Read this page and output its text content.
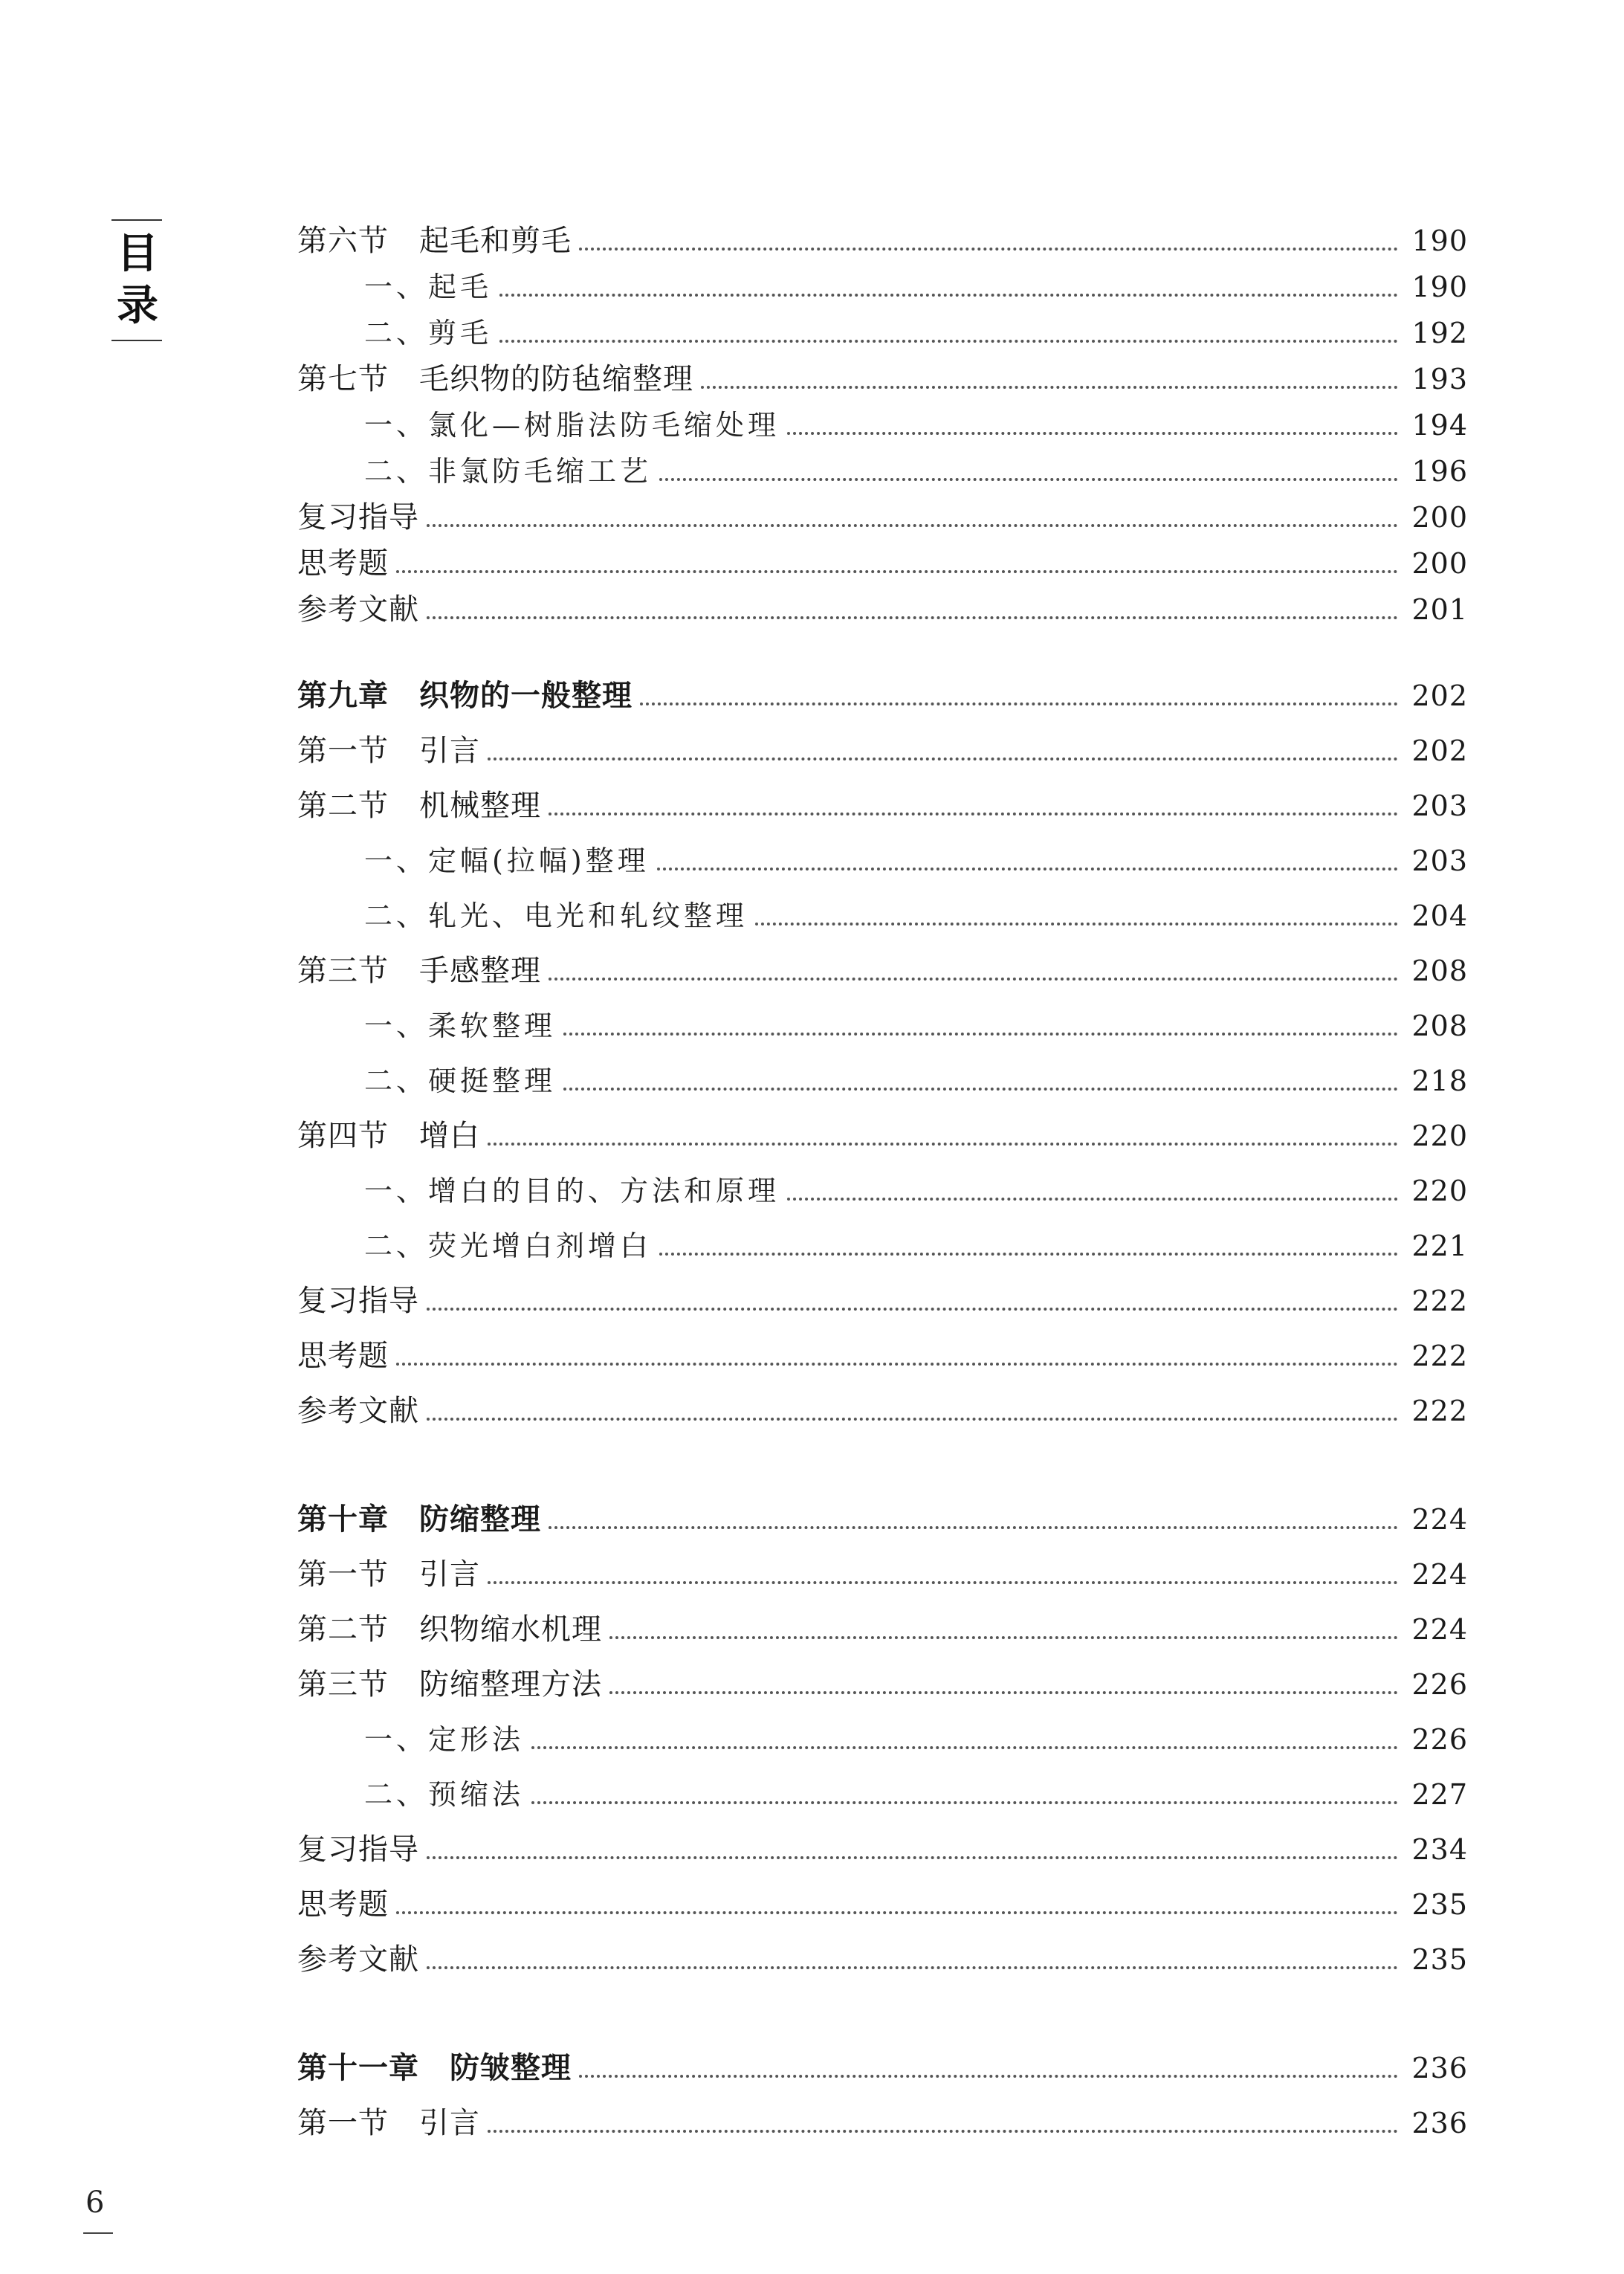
目
录
第六节　起毛和剪毛	190
一、起毛	190
二、剪毛	192
第七节　毛织物的防毡缩整理	193
一、氯化—树脂法防毛缩处理	194
二、非氯防毛缩工艺	196
复习指导	200
思考题	200
参考文献	201
第九章　织物的一般整理	202
第一节　引言	202
第二节　机械整理	203
一、定幅(拉幅)整理	203
二、轧光、电光和轧纹整理	204
第三节　手感整理	208
一、柔软整理	208
二、硬挺整理	218
第四节　增白	220
一、增白的目的、方法和原理	220
二、荧光增白剂增白	221
复习指导	222
思考题	222
参考文献	222
第十章　防缩整理	224
第一节　引言	224
第二节　织物缩水机理	224
第三节　防缩整理方法	226
一、定形法	226
二、预缩法	227
复习指导	234
思考题	235
参考文献	235
第十一章　防皱整理	236
第一节　引言	236
6
